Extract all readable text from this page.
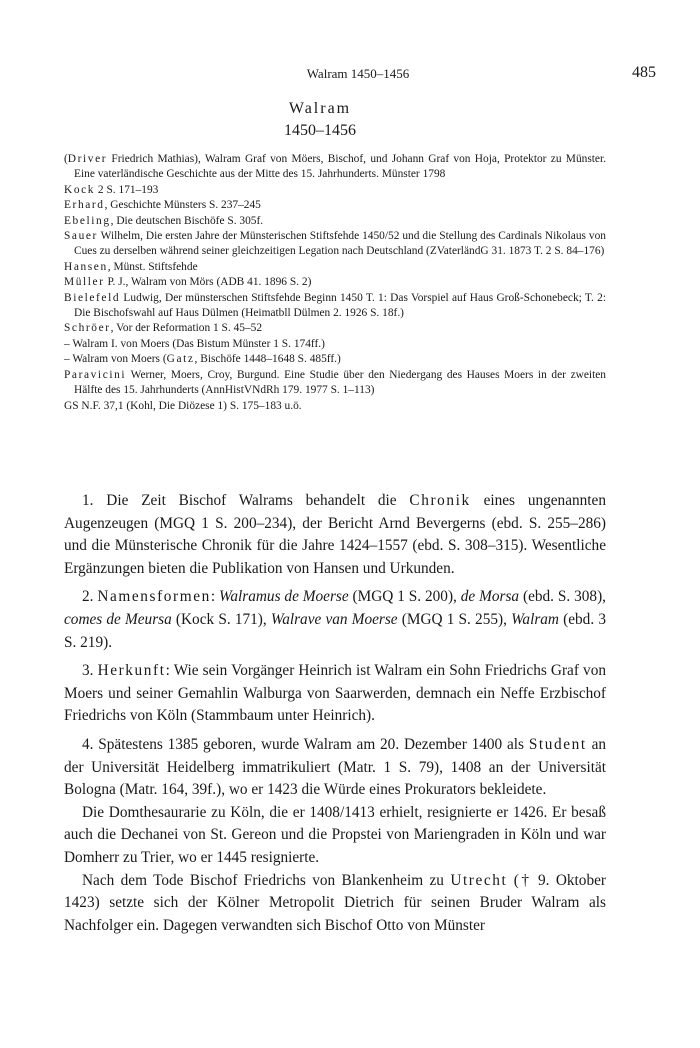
Walram 1450–1456	485
Walram
1450–1456
(Driver Friedrich Mathias), Walram Graf von Möers, Bischof, und Johann Graf von Hoja, Protektor zu Münster. Eine vaterländische Geschichte aus der Mitte des 15. Jahrhunderts. Münster 1798
Kock 2 S. 171–193
Erhard, Geschichte Münsters S. 237–245
Ebeling, Die deutschen Bischöfe S. 305f.
Sauer Wilhelm, Die ersten Jahre der Münsterischen Stiftsfehde 1450/52 und die Stellung des Cardinals Nikolaus von Cues zu derselben während seiner gleichzeitigen Legation nach Deutschland (ZVaterländG 31. 1873 T. 2 S. 84–176)
Hansen, Münst. Stiftsfehde
Müller P. J., Walram von Mörs (ADB 41. 1896 S. 2)
Bielefeld Ludwig, Der münsterschen Stiftsfehde Beginn 1450 T. 1: Das Vorspiel auf Haus Groß-Schonebeck; T. 2: Die Bischofswahl auf Haus Dülmen (Heimatbll Dülmen 2. 1926 S. 18f.)
Schröer, Vor der Reformation 1 S. 45–52
– Walram I. von Moers (Das Bistum Münster 1 S. 174ff.)
– Walram von Moers (Gatz, Bischöfe 1448–1648 S. 485ff.)
Paravicini Werner, Moers, Croy, Burgund. Eine Studie über den Niedergang des Hauses Moers in der zweiten Hälfte des 15. Jahrhunderts (AnnHistVNdRh 179. 1977 S. 1–113)
GS N.F. 37,1 (Kohl, Die Diözese 1) S. 175–183 u.ö.

1. Die Zeit Bischof Walrams behandelt die Chronik eines ungenannten Augenzeugen (MGQ 1 S. 200–234), der Bericht Arnd Bevergerns (ebd. S. 255–286) und die Münsterische Chronik für die Jahre 1424–1557 (ebd. S. 308–315). Wesentliche Ergänzungen bieten die Publikation von Hansen und Urkunden.

2. Namensformen: Walramus de Moerse (MGQ 1 S. 200), de Morsa (ebd. S. 308), comes de Meursa (Kock S. 171), Walrave van Moerse (MGQ 1 S. 255), Walram (ebd. 3 S. 219).

3. Herkunft: Wie sein Vorgänger Heinrich ist Walram ein Sohn Friedrichs Graf von Moers und seiner Gemahlin Walburga von Saarwerden, demnach ein Neffe Erzbischof Friedrichs von Köln (Stammbaum unter Heinrich).

4. Spätestens 1385 geboren, wurde Walram am 20. Dezember 1400 als Student an der Universität Heidelberg immatrikuliert (Matr. 1 S. 79), 1408 an der Universität Bologna (Matr. 164, 39f.), wo er 1423 die Würde eines Prokurators bekleidete.

Die Domthesaurarie zu Köln, die er 1408/1413 erhielt, resignierte er 1426. Er besaß auch die Dechanei von St. Gereon und die Propstei von Mariengraden in Köln und war Domherr zu Trier, wo er 1445 resignierte.

Nach dem Tode Bischof Friedrichs von Blankenheim zu Utrecht († 9. Oktober 1423) setzte sich der Kölner Metropolit Dietrich für seinen Bruder Walram als Nachfolger ein. Dagegen verwandten sich Bischof Otto von Münster
